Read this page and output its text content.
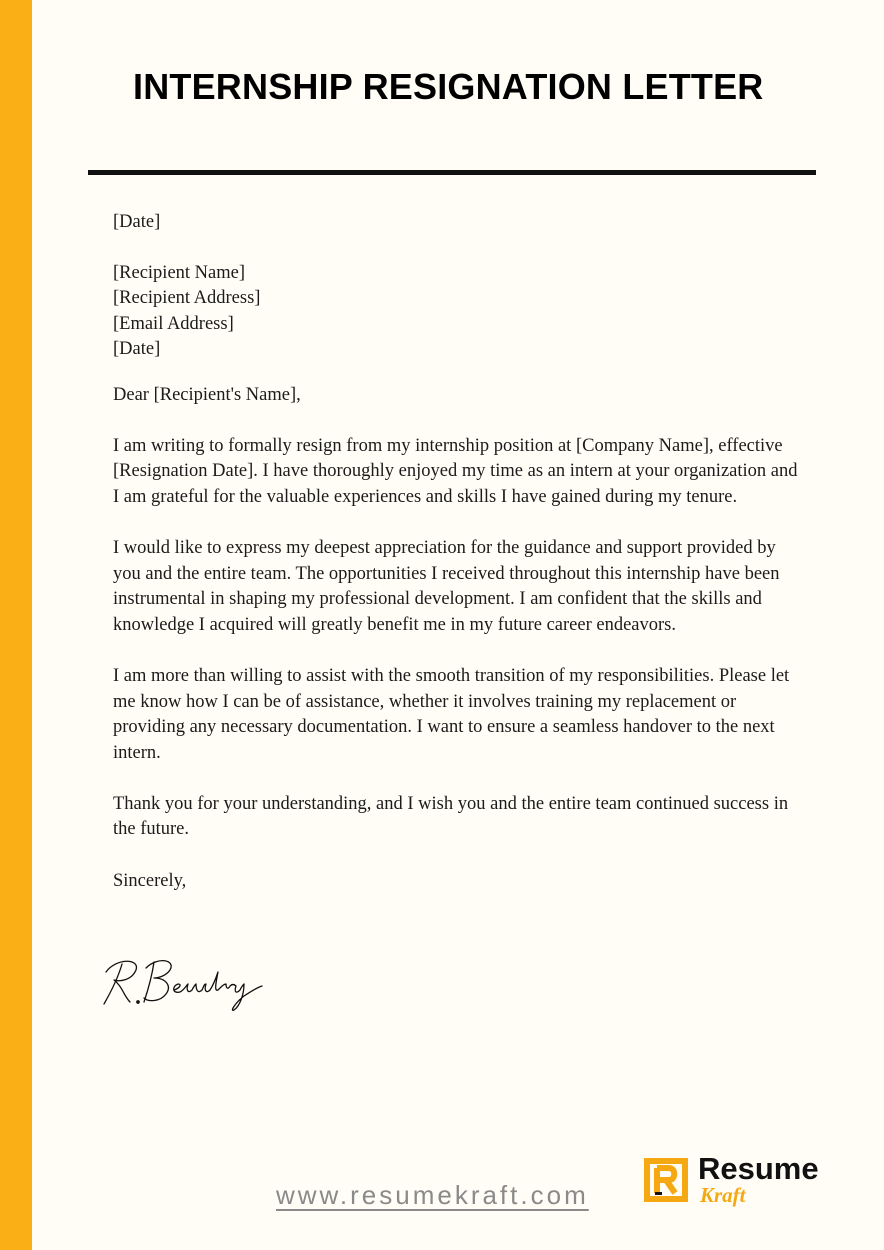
INTERNSHIP RESIGNATION LETTER

[Date]

[Recipient Name]
[Recipient Address]
[Email Address]
[Date]

Dear [Recipient's Name],

I am writing to formally resign from my internship position at [Company Name], effective [Resignation Date]. I have thoroughly enjoyed my time as an intern at your organization and I am grateful for the valuable experiences and skills I have gained during my tenure.

I would like to express my deepest appreciation for the guidance and support provided by you and the entire team. The opportunities I received throughout this internship have been instrumental in shaping my professional development. I am confident that the skills and knowledge I acquired will greatly benefit me in my future career endeavors.

I am more than willing to assist with the smooth transition of my responsibilities. Please let me know how I can be of assistance, whether it involves training my replacement or providing any necessary documentation. I want to ensure a seamless handover to the next intern.

Thank you for your understanding, and I wish you and the entire team continued success in the future.

Sincerely,

www.resumekraft.com
Resume
Kraft
